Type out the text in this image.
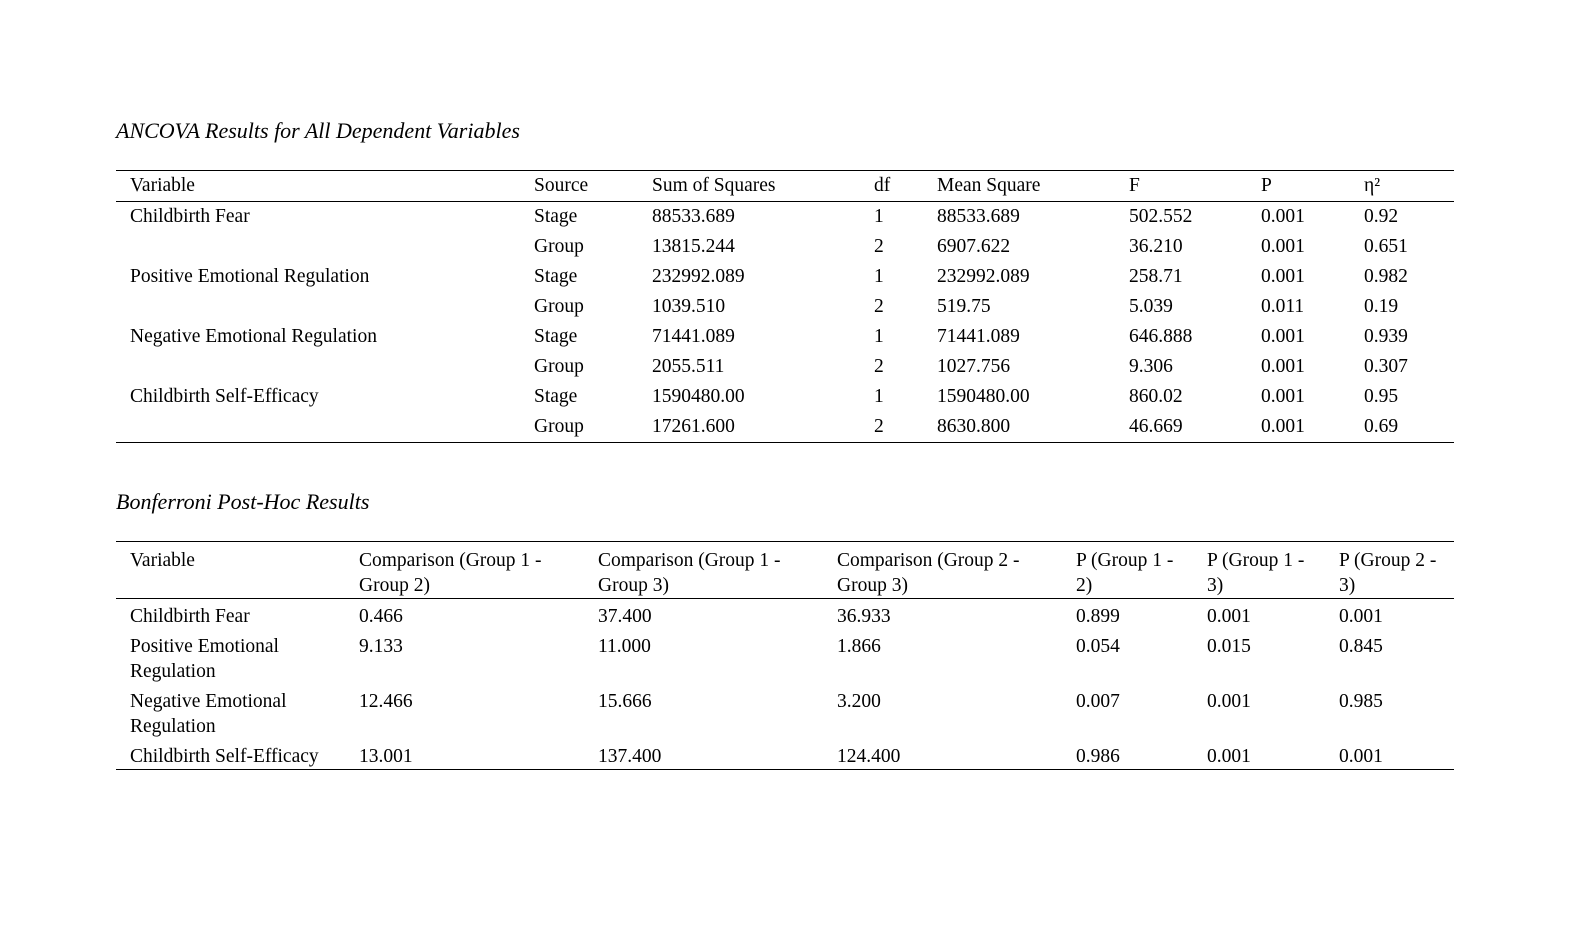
ANCOVA Results for All Dependent Variables
Variable	Source	Sum of Squares	df	Mean Square	F	P	η²
Childbirth Fear	Stage	88533.689	1	88533.689	502.552	0.001	0.92
	Group	13815.244	2	6907.622	36.210	0.001	0.651
Positive Emotional Regulation	Stage	232992.089	1	232992.089	258.71	0.001	0.982
	Group	1039.510	2	519.75	5.039	0.011	0.19
Negative Emotional Regulation	Stage	71441.089	1	71441.089	646.888	0.001	0.939
	Group	2055.511	2	1027.756	9.306	0.001	0.307
Childbirth Self-Efficacy	Stage	1590480.00	1	1590480.00	860.02	0.001	0.95
	Group	17261.600	2	8630.800	46.669	0.001	0.69
Bonferroni Post-Hoc Results
Variable	Comparison (Group 1 - Group 2)	Comparison (Group 1 - Group 3)	Comparison (Group 2 - Group 3)	P (Group 1 - 2)	P (Group 1 - 3)	P (Group 2 - 3)
Childbirth Fear	0.466	37.400	36.933	0.899	0.001	0.001
Positive Emotional Regulation	9.133	11.000	1.866	0.054	0.015	0.845
Negative Emotional Regulation	12.466	15.666	3.200	0.007	0.001	0.985
Childbirth Self-Efficacy	13.001	137.400	124.400	0.986	0.001	0.001
